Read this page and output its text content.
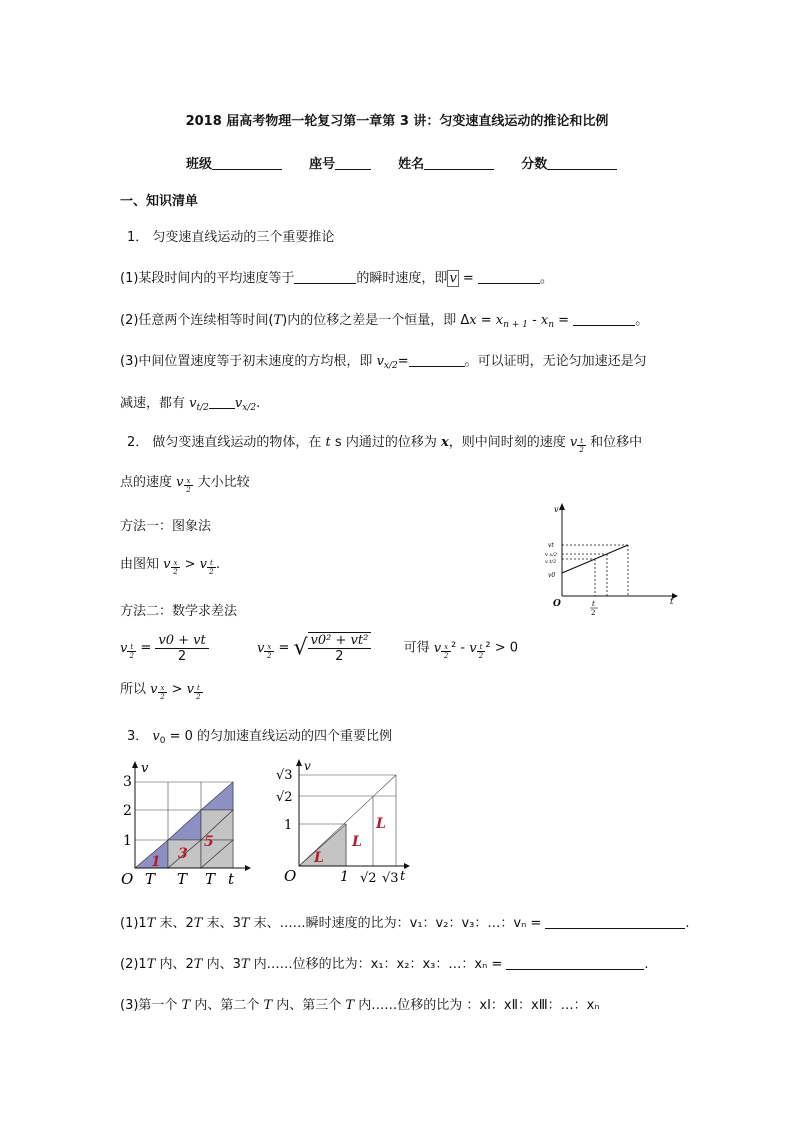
2018 届高考物理一轮复习第一章第 3 讲：匀变速直线运动的推论和比例
班级	座号	姓名	分数
一、知识清单
1． 匀变速直线运动的三个重要推论
(1)某段时间内的平均速度等于	的瞬时速度，即 v =	。
(2)任意两个连续相等时间(T)内的位移之差是一个恒量，即 $\Delta x = x_{n + 1} - x_n$ =	。
(3)中间位置速度等于初末速度的方均根，即 $v_{x/2}=$	。可以证明，无论匀加速还是匀
减速，都有 $v_{t/2}$ $v_{x/2}$.
2． 做匀变速直线运动的物体，在 t s 内通过的位移为 x，则中间时刻的速度 v $\frac{t}{2}$ 和位移中
点的速度 v $\frac{x}{2}$ 大小比较
方法一：图象法
由图知 v $\frac{x}{2} > v \frac{t}{2}$ .
方法二：数学求差法
v $\frac{t}{2} = \frac{v0 + vt}{2}$	v $\frac{x}{2}$ = √ $\frac{\text{v0² + vt²}}{2}$ 可得 v $\frac{x}{2} ^2 - v \frac{t}{2} ^2 > 0$
所以 v $\frac{x}{2} > v \frac{t}{2}$
v
t
O
vt
v x/2
v t/2
v0
t
2
3． $v_0 = 0$ 的匀加速直线运动的四个重要比例
v
3
2
1
O T T T t
1 3
5
v
√3
√2
1
O	1 √2 √3 t
L
L
L
(1)1T 末、2T 末、3T 末、……瞬时速度的比为：v₁：v₂：v₃：…：vₙ =	.
(2)1T 内、2T 内、3T 内……位移的比为：x₁：x₂：x₃：…：xₙ =	.
(3)第一个 T 内、第二个 T 内、第三个 T 内……位移的比为 ：xⅠ：xⅡ：xⅢ：…：xₙ
